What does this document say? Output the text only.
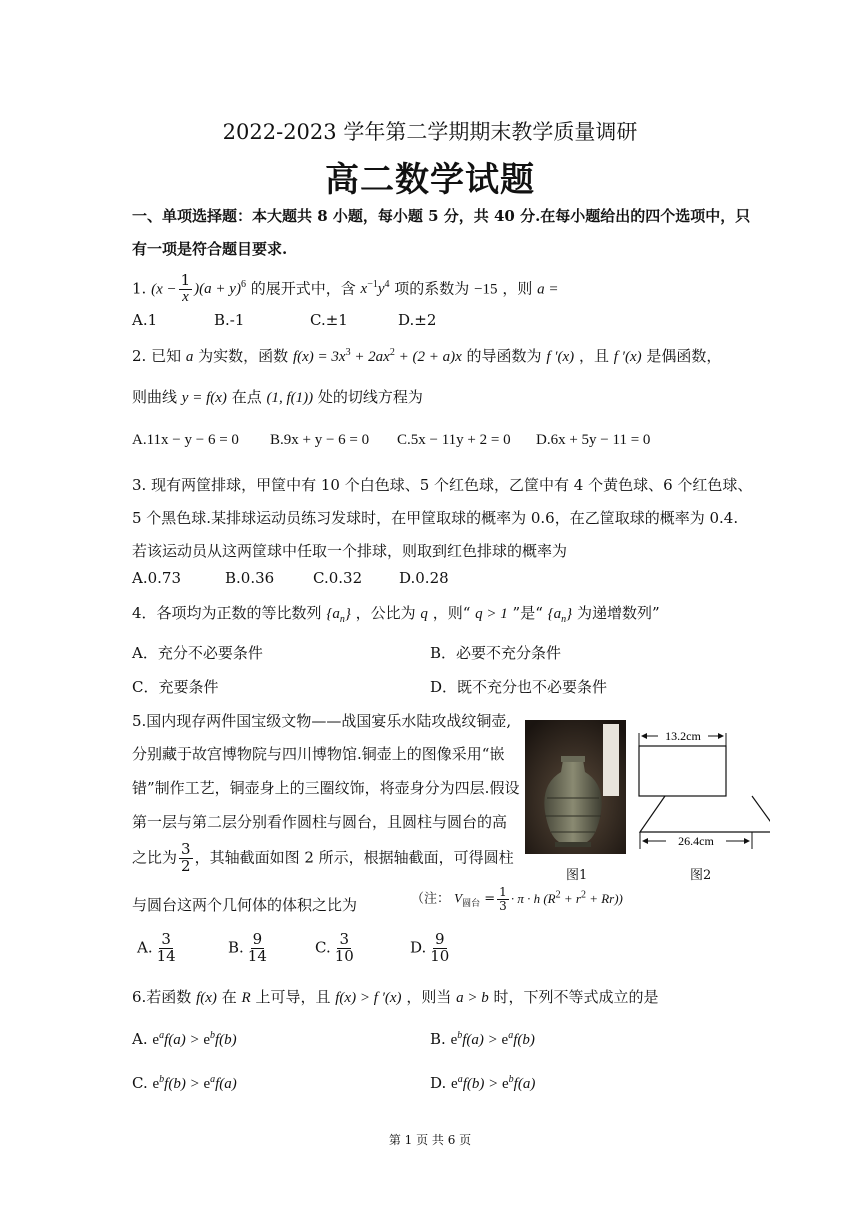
2022-2023 学年第二学期期末教学质量调研
高二数学试题
一、单项选择题：本大题共 8 小题，每小题 5 分，共 40 分.在每小题给出的四个选项中，只
有一项是符合题目要求.
1. $(x - \frac{1}{x} )(a + y)^6$ 的展开式中，含 $x^{-1}y^4$ 项的系数为 −15 ，则 a =
A.1	B.-1	C.±1	D.±2
2. 已知 a 为实数，函数 $f(x) = 3x^3 + 2ax^2 + (2 + a)x$ 的导函数为 f ′(x) ，且 f ′(x) 是偶函数，
则曲线 y = f(x) 在点 (1, f(1)) 处的切线方程为
A.11x − y − 6 = 0 B.9x + y − 6 = 0 C.5x − 11y + 2 = 0 D.6x + 5y − 11 = 0
3. 现有两筐排球，甲筐中有 10 个白色球、5 个红色球，乙筐中有 4 个黄色球、6 个红色球、
5 个黑色球.某排球运动员练习发球时，在甲筐取球的概率为 0.6，在乙筐取球的概率为 0.4.
若该运动员从这两筐球中任取一个排球，则取到红色排球的概率为
A.0.73	B.0.36	C.0.32 D.0.28
4．各项均为正数的等比数列 $\{a_n\}$ ，公比为 q ，则“ q > 1 ”是“ $\{a_n\}$ 为递增数列”
A．充分不必要条件	B．必要不充分条件
C．充要条件	D．既不充分也不必要条件
5.国内现存两件国宝级文物——战国宴乐水陆攻战纹铜壶,
分别藏于故宫博物院与四川博物馆.铜壶上的图像采用“嵌
错”制作工艺，铜壶身上的三圈纹饰，将壶身分为四层.假设
第一层与第二层分别看作圆柱与圆台，且圆柱与圆台的高
之比为 $\frac{3}{2}$ ，其轴截面如图 2 所示，根据轴截面，可得圆柱
与圆台这两个几何体的体积之比为	（注： $V_{圆台} = \frac{1}{3} \cdot \pi \cdot h$ $(R^2 + r^2 + Rr)$)
13.2cm
26.4cm
图1	图2
A. $\frac{3}{14}$	B. $\frac{9}{14}$	C. $\frac{3}{10}$	D. $\frac{9}{10}$
6.若函数 f(x) 在 R 上可导，且 f(x) > f ′(x) ，则当 a > b 时，下列不等式成立的是
A. $e^af(a) > e^bf(b)$	B. $e^bf(a) > e^af(b)$
C. $e^bf(b) > e^af(a)$	D. $e^af(b) > e^bf(a)$
第 1 页 共 6 页
